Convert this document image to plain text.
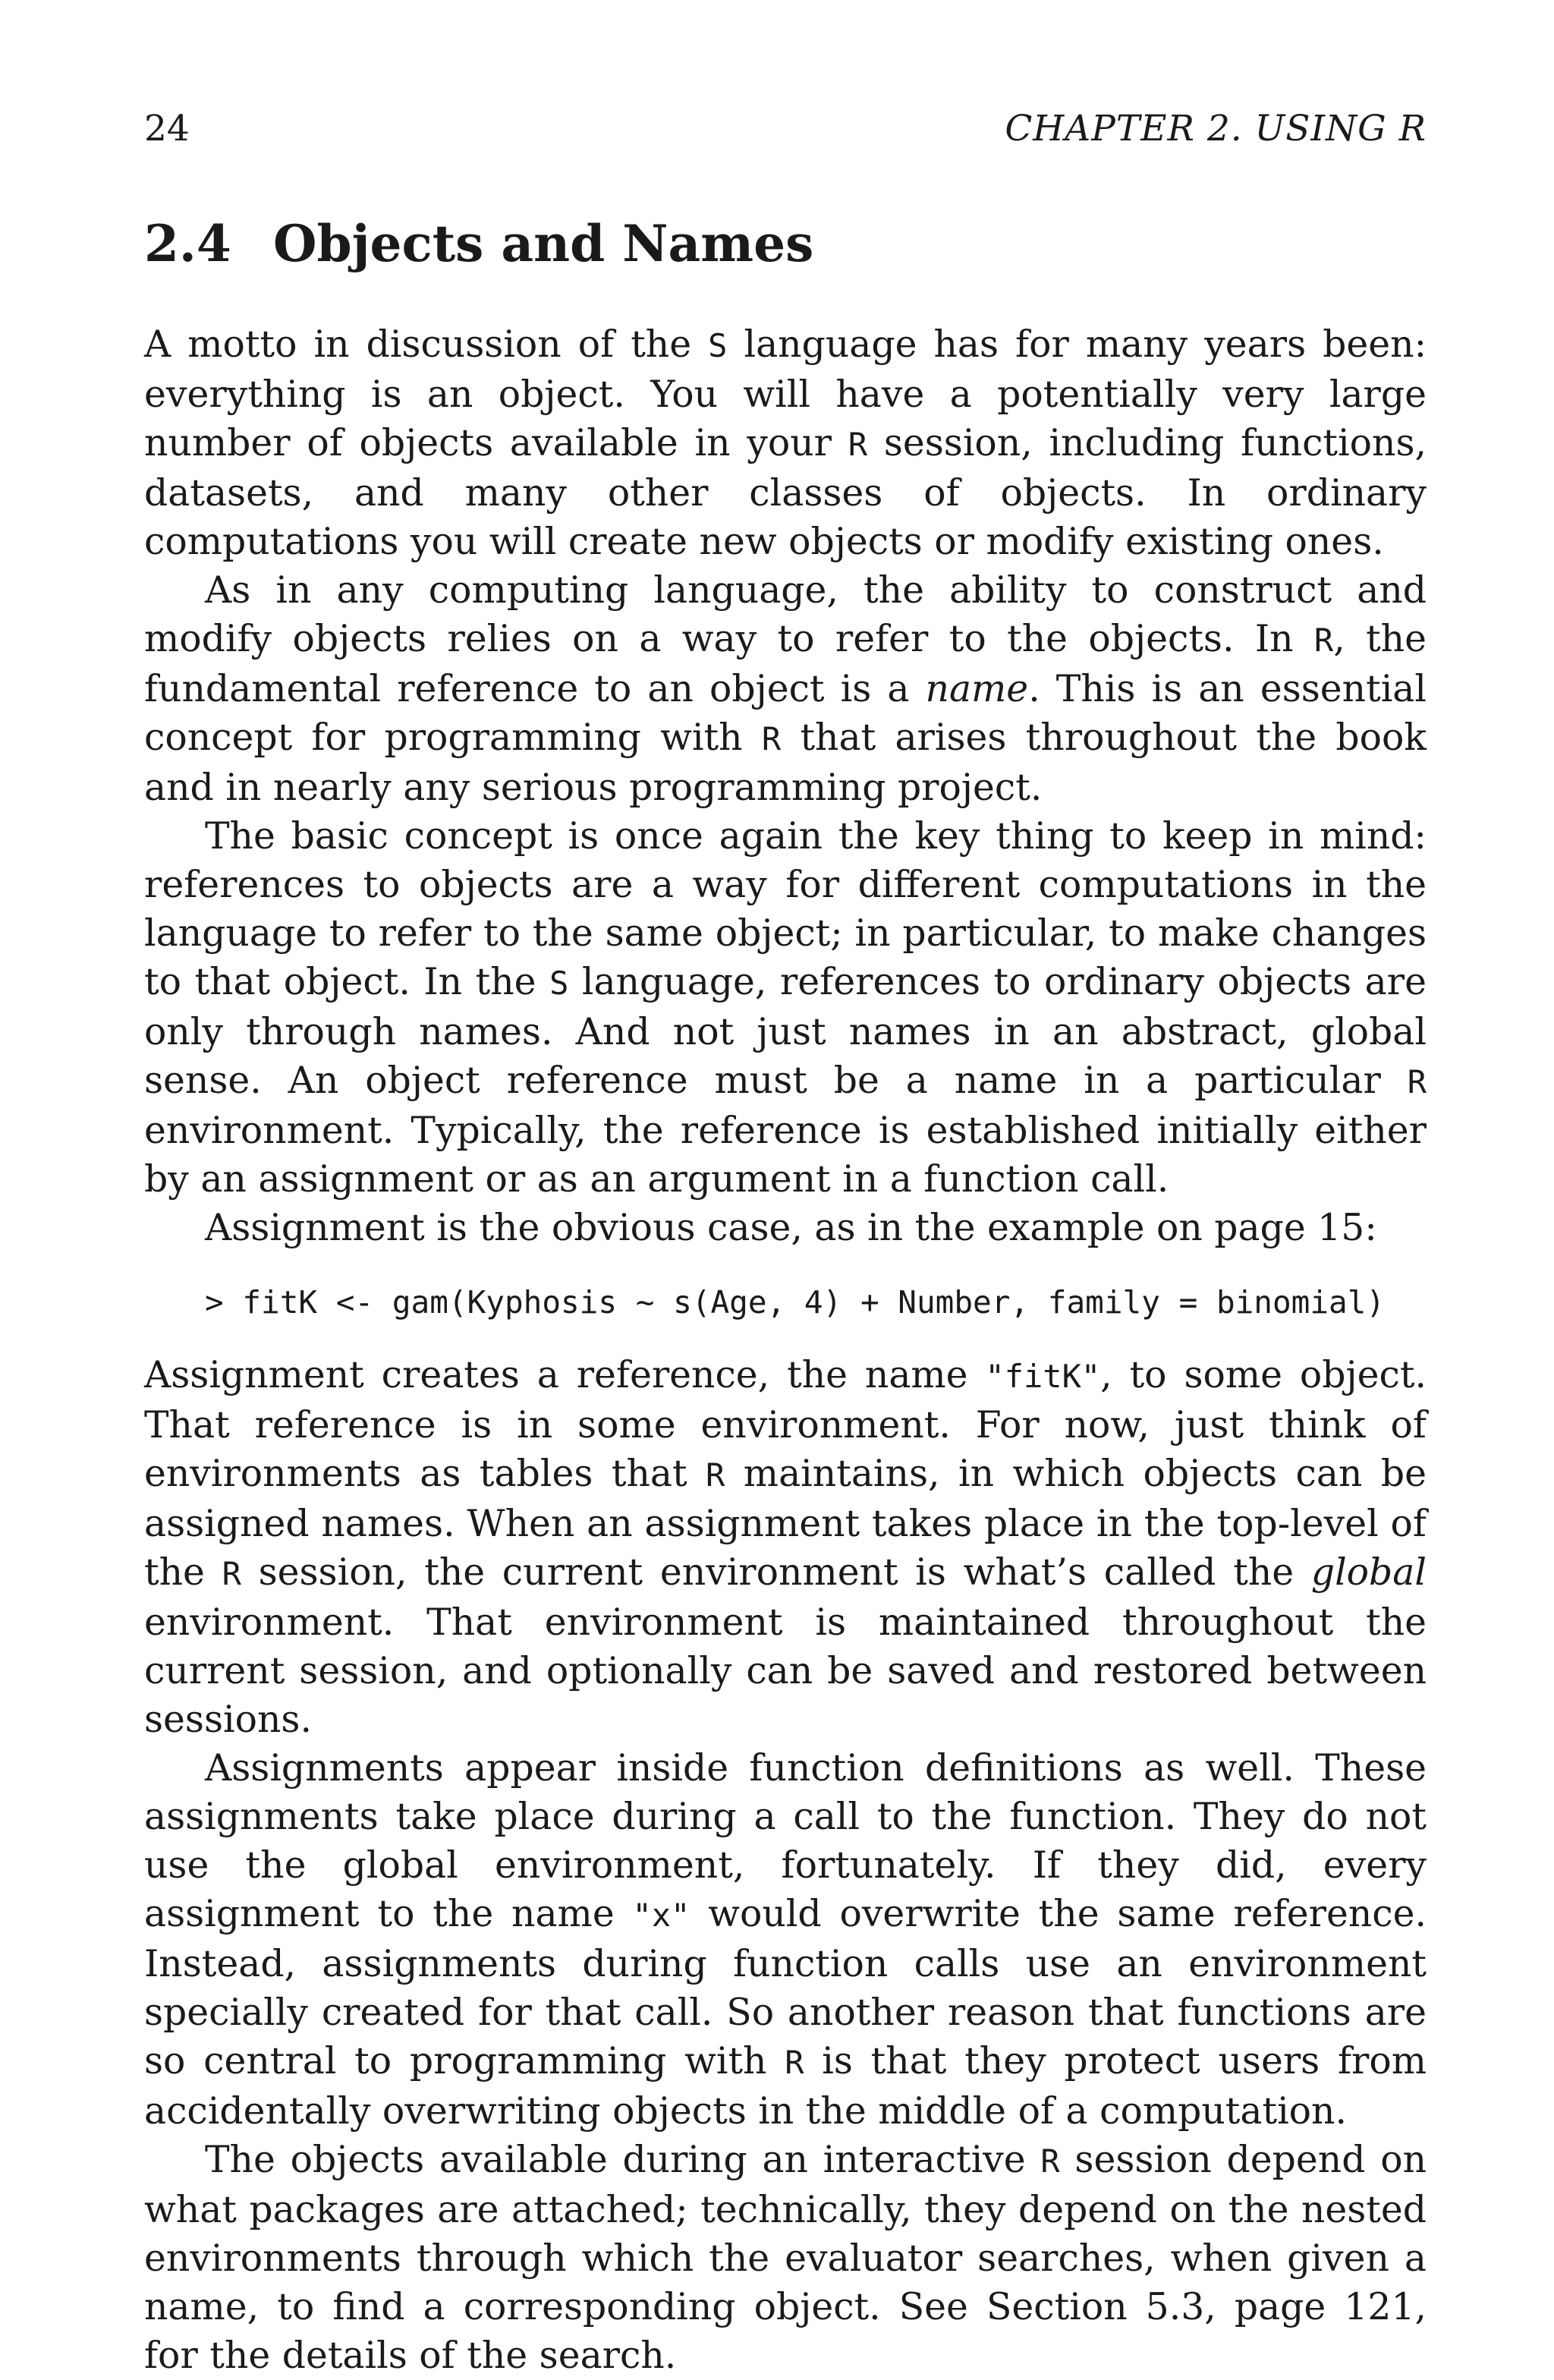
24	CHAPTER 2. USING R
2.4 Objects and Names

A motto in discussion of the S language has for many years been: everything is an object. You will have a potentially very large number of objects available in your R session, including functions, datasets, and many other classes of objects. In ordinary computations you will create new objects or modify existing ones.

As in any computing language, the ability to construct and modify objects relies on a way to refer to the objects. In R, the fundamental reference to an object is a name. This is an essential concept for programming with R that arises throughout the book and in nearly any serious programming project.

The basic concept is once again the key thing to keep in mind: references to objects are a way for different computations in the language to refer to the same object; in particular, to make changes to that object. In the S language, references to ordinary objects are only through names. And not just names in an abstract, global sense. An object reference must be a name in a particular R environment. Typically, the reference is established initially either by an assignment or as an argument in a function call.

Assignment is the obvious case, as in the example on page 15:

> fitK <- gam(Kyphosis ∼ s(Age, 4) + Number, family = binomial)

Assignment creates a reference, the name "fitK", to some object. That reference is in some environment. For now, just think of environments as tables that R maintains, in which objects can be assigned names. When an assignment takes place in the top-level of the R session, the current environment is what’s called the global environment. That environment is maintained throughout the current session, and optionally can be saved and restored between sessions.

Assignments appear inside function definitions as well. These assignments take place during a call to the function. They do not use the global environment, fortunately. If they did, every assignment to the name "x" would overwrite the same reference. Instead, assignments during function calls use an environment specially created for that call. So another reason that functions are so central to programming with R is that they protect users from accidentally overwriting objects in the middle of a computation.

The objects available during an interactive R session depend on what packages are attached; technically, they depend on the nested environments through which the evaluator searches, when given a name, to find a corresponding object. See Section 5.3, page 121, for the details of the search.
